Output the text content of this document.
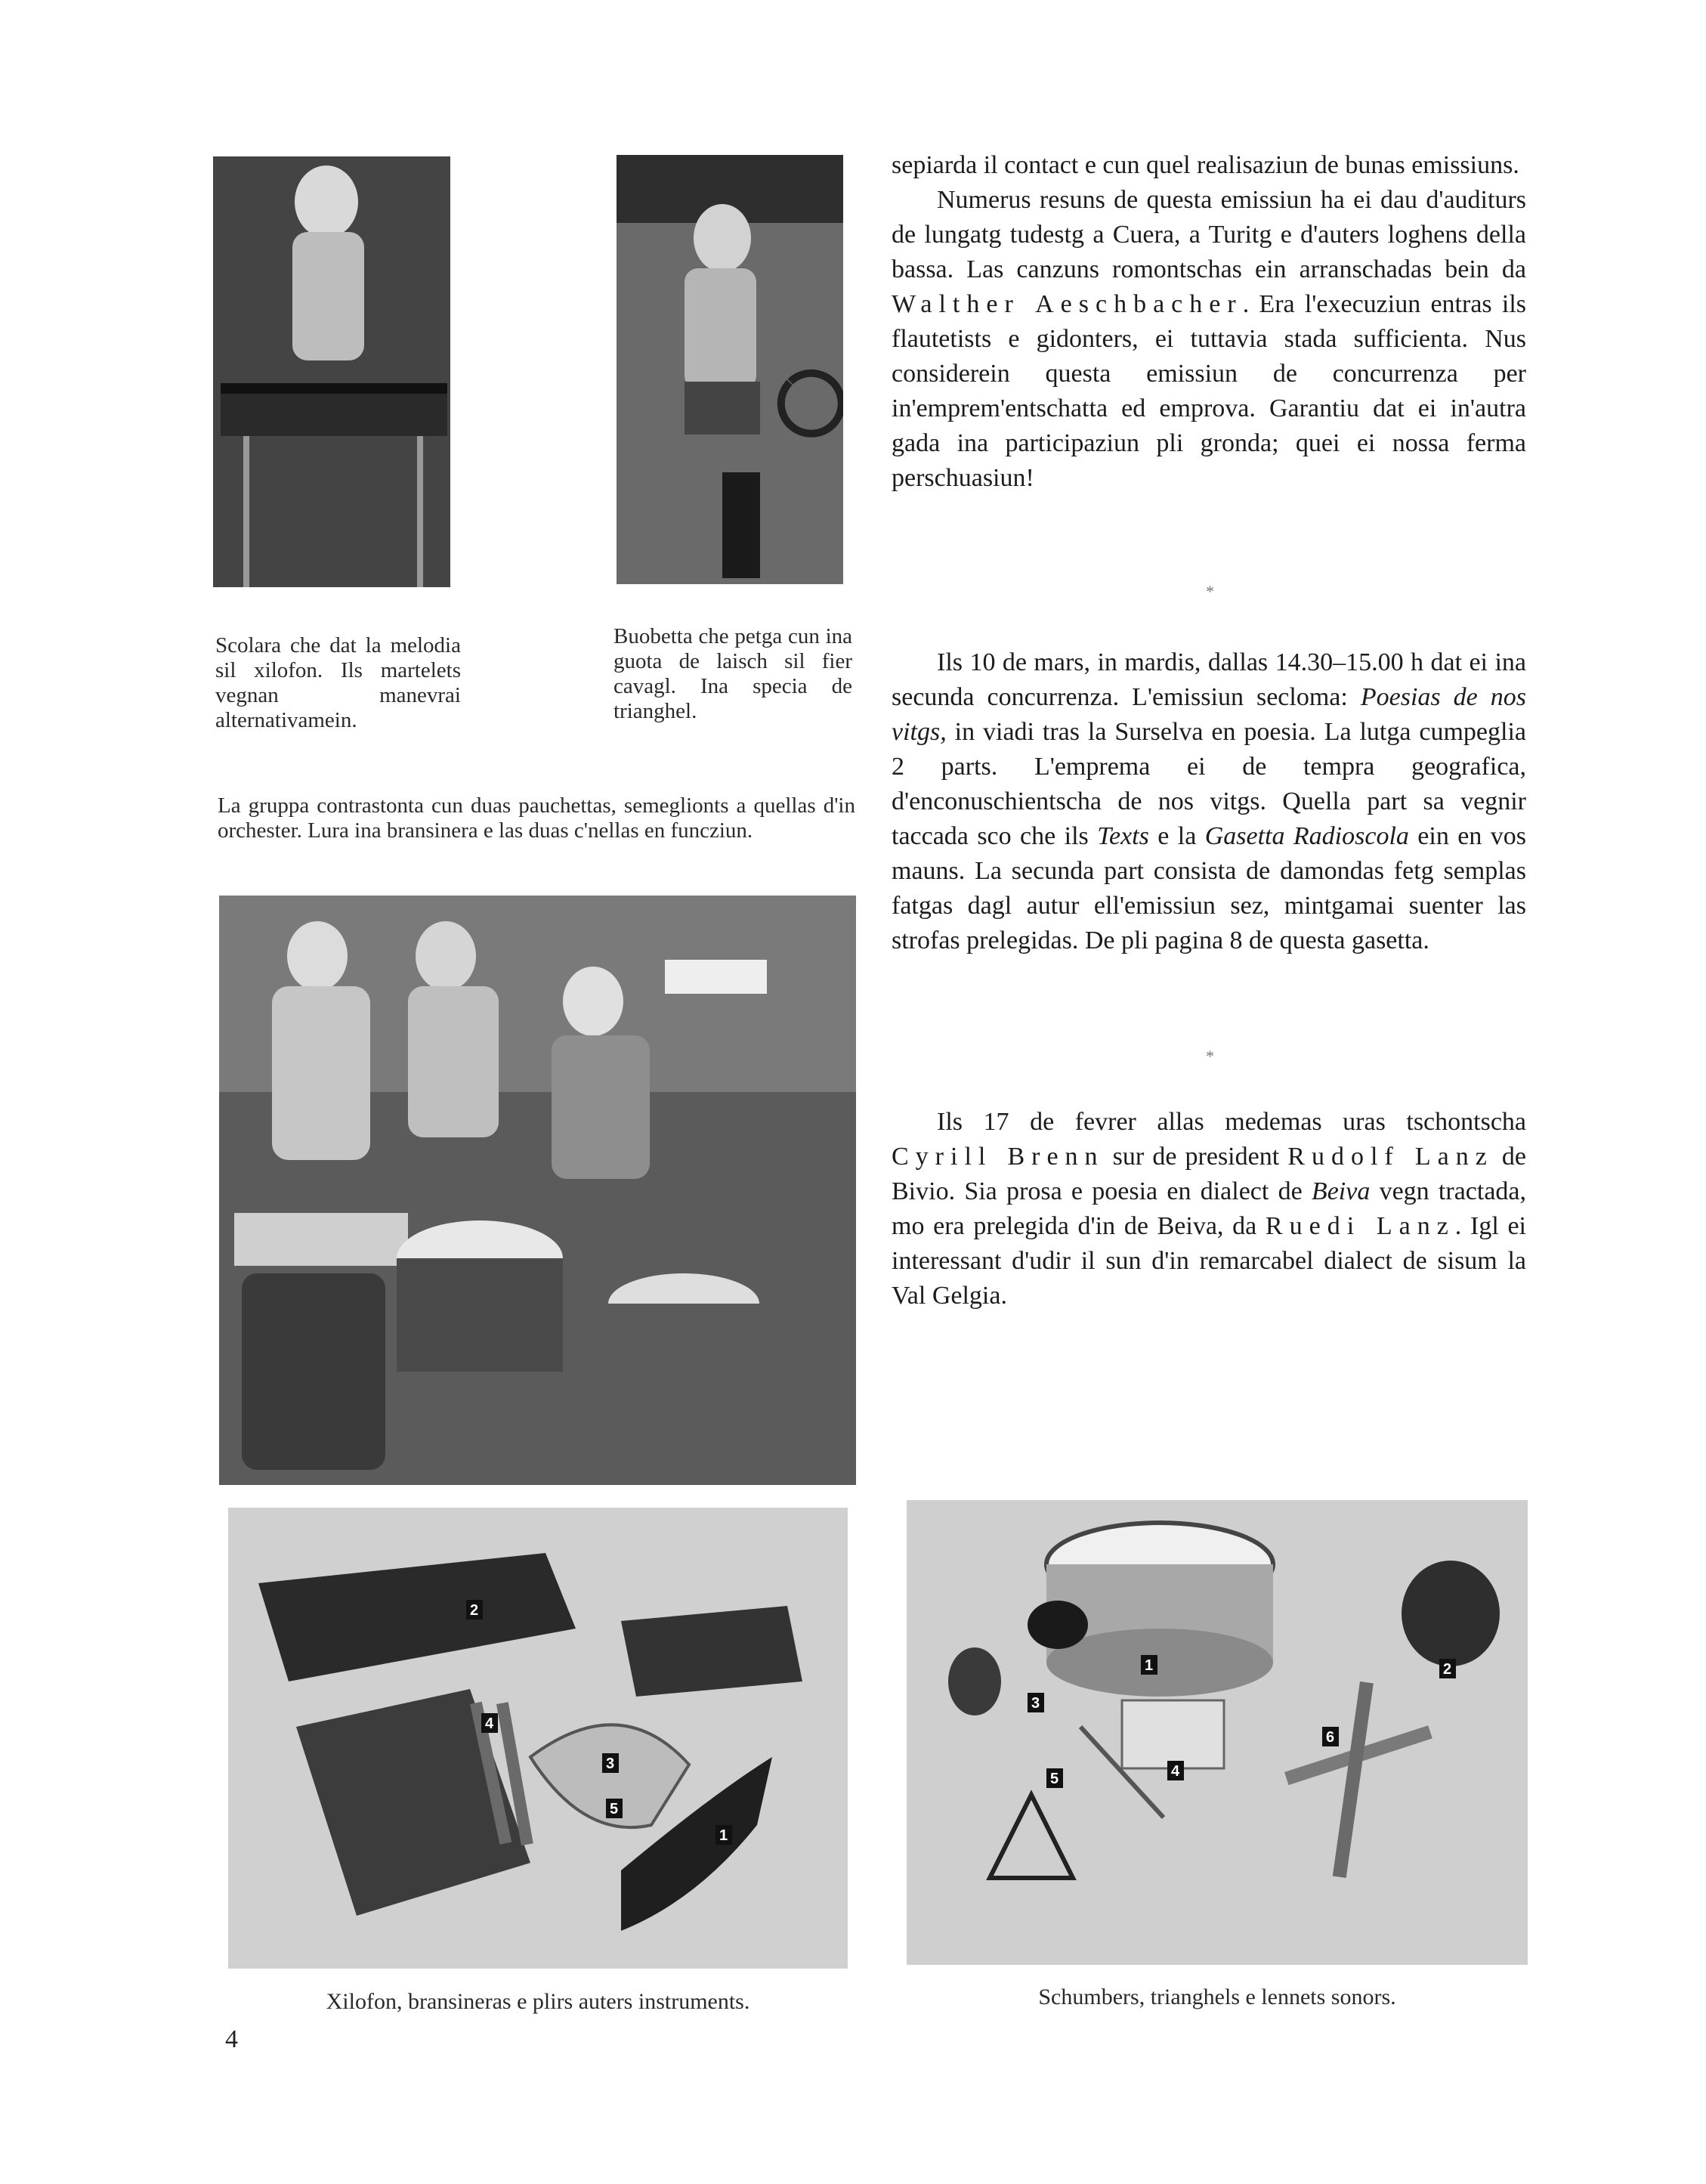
Scolara che dat la melodia sil xilofon. Ils martelets vegnan manevrai alternativamein.
Buobetta che petga cun ina guota de laisch sil fier cavagl. Ina specia de trianghel.
La gruppa contrastonta cun duas pauchettas, semeglionts a quellas d'in orchester. Lura ina bransinera e las duas c'nellas en funcziun.

sepiarda il contact e cun quel realisaziun de bunas emissiuns.

Numerus resuns de questa emissiun ha ei dau d'auditurs de lungatg tudestg a Cuera, a Turitg e d'auters loghens della bassa. Las canzuns romontschas ein arranschadas bein da Walther Aeschbacher. Era l'execuziun entras ils flautetists e gidonters, ei tuttavia stada sufficienta. Nus considerein questa emissiun de concurrenza per in'emprem'entschatta ed emprova. Garantiu dat ei in'autra gada ina participaziun pli gronda; quei ei nossa ferma perschuasiun!

*

Ils 10 de mars, in mardis, dallas 14.30–15.00 h dat ei ina secunda concurrenza. L'emissiun secloma: Poesias de nos vitgs, in viadi tras la Surselva en poesia. La lutga cumpeglia 2 parts. L'emprema ei de tempra geografica, d'enconuschientscha de nos vitgs. Quella part sa vegnir taccada sco che ils Texts e la Gasetta Radioscola ein en vos mauns. La secunda part consista de damondas fetg semplas fatgas dagl autur ell'emissiun sez, mintgamai suenter las strofas prelegidas. De pli pagina 8 de questa gasetta.

*

Ils 17 de fevrer allas medemas uras tschontscha Cyrill Brenn sur de president Rudolf Lanz de Bivio. Sia prosa e poesia en dialect de Beiva vegn tractada, mo era prelegida d'in de Beiva, da Ruedi Lanz. Igl ei interessant d'udir il sun d'in remarcabel dialect de sisum la Val Gelgia.

2
4
3
5
1
1	2
3
4
5
6
Xilofon, bransineras e plirs auters instruments.	Schumbers, trianghels e lennets sonors.
4
